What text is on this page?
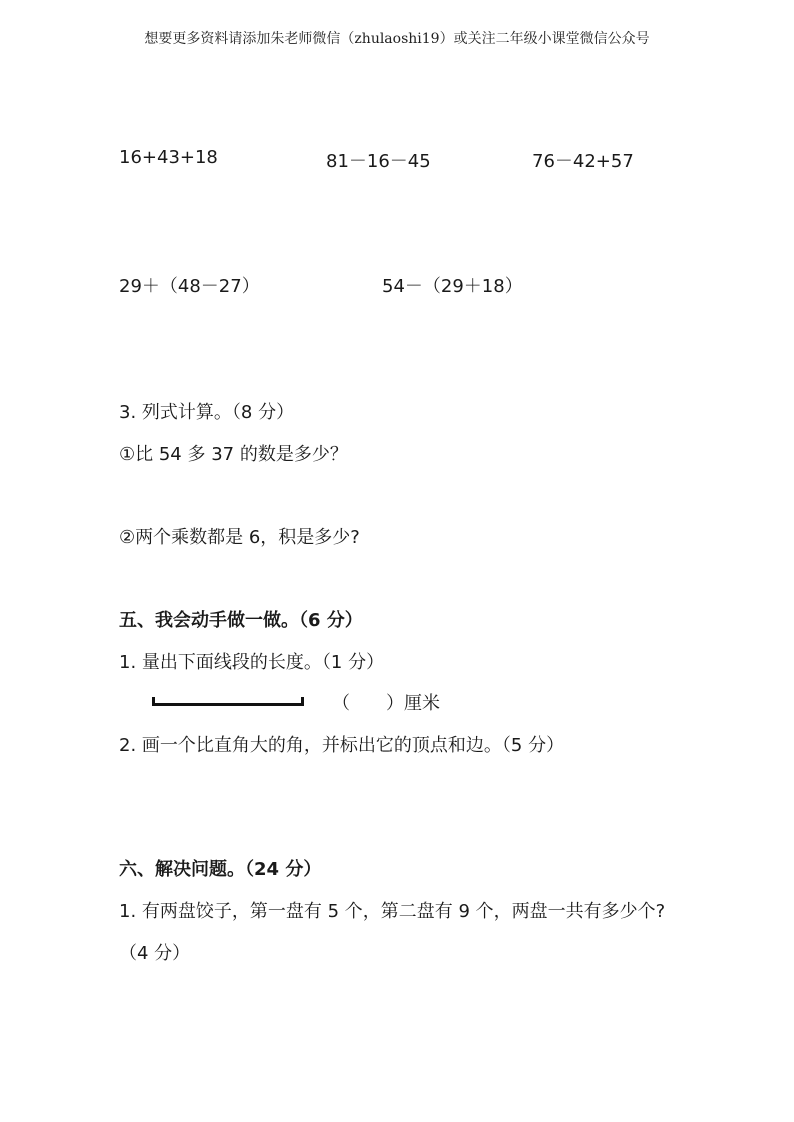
想要更多资料请添加朱老师微信（zhulaoshi19）或关注二年级小课堂微信公众号
16+43+18	81－16－45	76－42+57
29＋（48－27）	54－（29＋18）
3. 列式计算。（8 分）
①比 54 多 37 的数是多少？
②两个乘数都是 6，积是多少?
五、我会动手做一做。（6 分）
1. 量出下面线段的长度。（1 分）
（　　）厘米
2. 画一个比直角大的角，并标出它的顶点和边。（5 分）
六、解决问题。（24 分）
1. 有两盘饺子，第一盘有 5 个，第二盘有 9 个，两盘一共有多少个?
（4 分）
